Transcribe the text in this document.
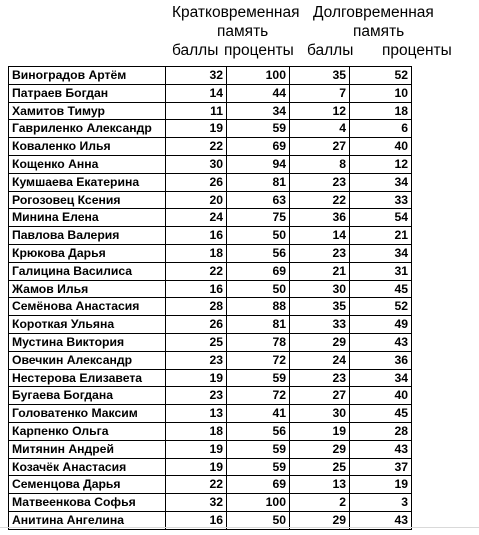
Кратковременная Долговременная
память	память
баллы проценты баллы проценты
Виноградов Артём	32	100	35	52
Патраев Богдан	14	44	7	10
Хамитов Тимур	11	34	12	18
Гавриленко Александр	19	59	4	6
Коваленко Илья	22	69	27	40
Кощенко Анна	30	94	8	12
Кумшаева Екатерина	26	81	23	34
Рогозовец Ксения	20	63	22	33
Минина Елена	24	75	36	54
Павлова Валерия	16	50	14	21
Крюкова Дарья	18	56	23	34
Галицина Василиса	22	69	21	31
Жамов Илья	16	50	30	45
Семёнова Анастасия	28	88	35	52
Короткая Ульяна	26	81	33	49
Мустина Виктория	25	78	29	43
Овечкин Александр	23	72	24	36
Нестерова Елизавета	19	59	23	34
Бугаева Богдана	23	72	27	40
Головатенко Максим	13	41	30	45
Карпенко Ольга	18	56	19	28
Митянин Андрей	19	59	29	43
Козачёк Анастасия	19	59	25	37
Семенцова Дарья	22	69	13	19
Матвеенкова Софья	32	100	2	3
Анитина Ангелина	16	50	29	43
